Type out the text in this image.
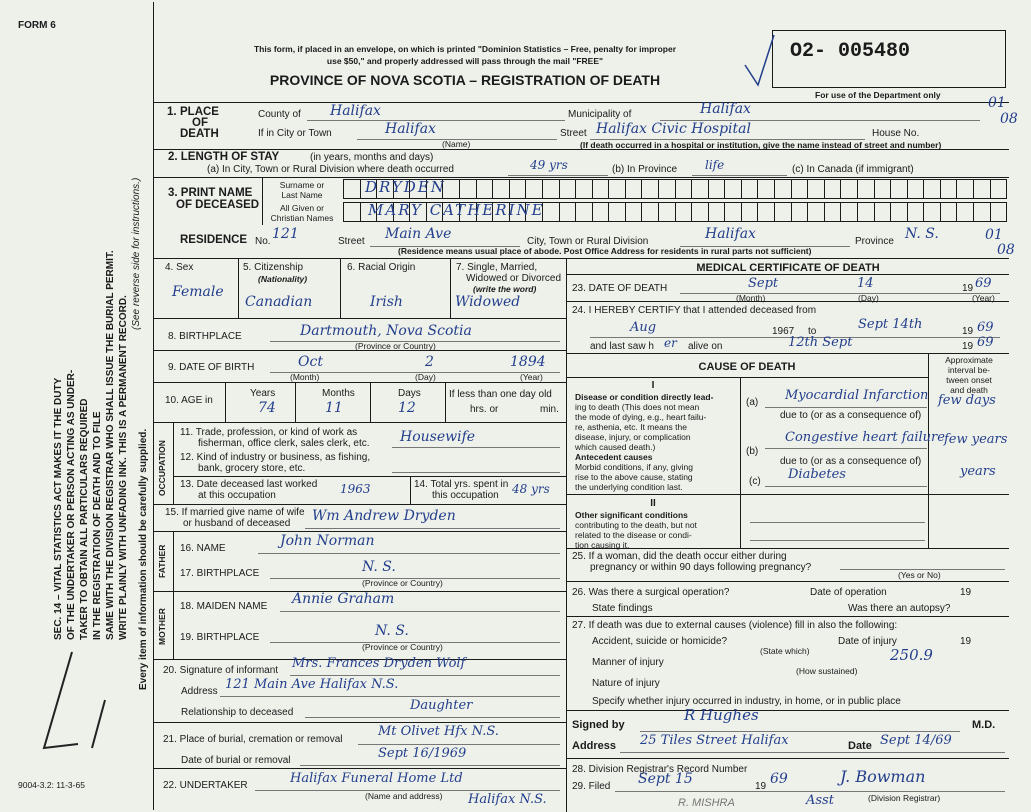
FORM 6
9004-3.2: 11-3-65
SEC. 14 – VITAL STATISTICS ACT MAKES IT THE DUTY OF THE UNDERTAKER OR PERSON ACTING AS UNDER- TAKER TO OBTAIN ALL PARTICULARS REQUIRED IN THE REGISTRATION OF DEATH AND TO FILE SAME WITH THE DIVISION REGISTRAR WHO SHALL ISSUE THE BURIAL PERMIT. WRITE PLAINLY WITH UNFADING INK. THIS IS A PERMANENT RECORD.
(See reverse side for instructions.)
Every item of information should be carefully supplied.
This form, if placed in an envelope, on which is printed "Dominion Statistics – Free, penalty for improper
use $50," and properly addressed will pass through the mail "FREE"
PROVINCE OF NOVA SCOTIA – REGISTRATION OF DEATH
O2- 005480
For use of the Department only
1. PLACE
OF
DEATH
County of Halifax	Municipality of	Halifax
If in City or Town	Halifax
(Name)
Street Halifax Civic Hospital	House No.
(If death occurred in a hospital or institution, give the name instead of street and number)
01
08
2. LENGTH OF STAY	(in years, months and days)
(a) In City, Town or Rural Division where death occurred	49 yrs	(b) In Province life	(c) In Canada (if immigrant)
3. PRINT NAME
OF DECEASED
Surname or
Last Name
All Given or
Christian Names
DRYDEN
MARY CATHERINE
RESIDENCE No. 121	Street Main Ave	City, Town or Rural Division	Halifax	Province N. S.
(Residence means usual place of abode. Post Office Address for residents in rural parts not sufficient)
01
08
4. Sex
Female
5. Citizenship
(Nationality)
Canadian
6. Racial Origin
Irish
7. Single, Married,
Widowed or Divorced
(write the word)
Widowed
8. BIRTHPLACE	Dartmouth, Nova Scotia
(Province or Country)
9. DATE OF BIRTH	Oct	2	1894
(Month)	(Day)	(Year)
10. AGE in
Years	Months	Days
74	11	12
If less than one day old
hrs. or	min.
OCCUPATION
11. Trade, profession, or kind of work as
fisherman, office clerk, sales clerk, etc. Housewife
12. Kind of industry or business, as fishing,
bank, grocery store, etc.
13. Date deceased last worked
at this occupation	1963	14. Total yrs. spent in
this occupation 48 yrs
15. If married give name of wife
or husband of deceased Wm Andrew Dryden
FATHER 16. NAME	John Norman
17. BIRTHPLACE	N. S.
(Province or Country)
MOTHER
18. MAIDEN NAME Annie Graham
19. BIRTHPLACE	N. S.
(Province or Country)
20. Signature of informant Mrs. Frances Dryden Wolf
Address 121 Main Ave Halifax N.S.
Relationship to deceased	Daughter
21. Place of burial, cremation or removal
Mt Olivet Hfx N.S.
Date of burial or removal	Sept 16/1969
22. UNDERTAKER	Halifax Funeral Home Ltd
(Name and address) Halifax N.S.
MEDICAL CERTIFICATE OF DEATH
23. DATE OF DEATH	Sept	14	19 69
(Month)	(Day)	(Year)
24. I HEREBY CERTIFY that I attended deceased from
Aug	1967 to	Sept 14th	19 69
and last saw h er alive on	12th Sept	19 69
CAUSE OF DEATH
Approximate
interval be-
tween onset
and death
I
Disease or condition directly lead-
ing to death (This does not mean
the mode of dying, e.g., heart failu-
re, asthenia, etc. It means the
disease, injury, or complication
which caused death.)
(a) Myocardial Infarction few days
due to (or as a consequence of)
Antecedent causes
Morbid conditions, if any, giving
rise to the above cause, stating
the underlying condition last.
(b)
Congestive heart failure few years
due to (or as a consequence of)
(c) Diabetes	years
II
Other significant conditions
contributing to the death, but not
related to the disease or condi-
tion causing it.
25. If a woman, did the death occur either during
pregnancy or within 90 days following pregnancy?
(Yes or No)
26. Was there a surgical operation?	Date of operation	19
State findings	Was there an autopsy?
27. If death was due to external causes (violence) fill in also the following:
Accident, suicide or homicide?	Date of injury	19
(State which)	250.9
Manner of injury
(How sustained)
Nature of injury
Specify whether injury occurred in industry, in home, or in public place
Signed by
R Hughes
M.D.
Address 25 Tiles Street Halifax	Date Sept 14/69
28. Division Registrar's Record Number
29. Filed Sept 15	19 69	J. Bowman
Asst	(Division Registrar)
R. MISHRA
